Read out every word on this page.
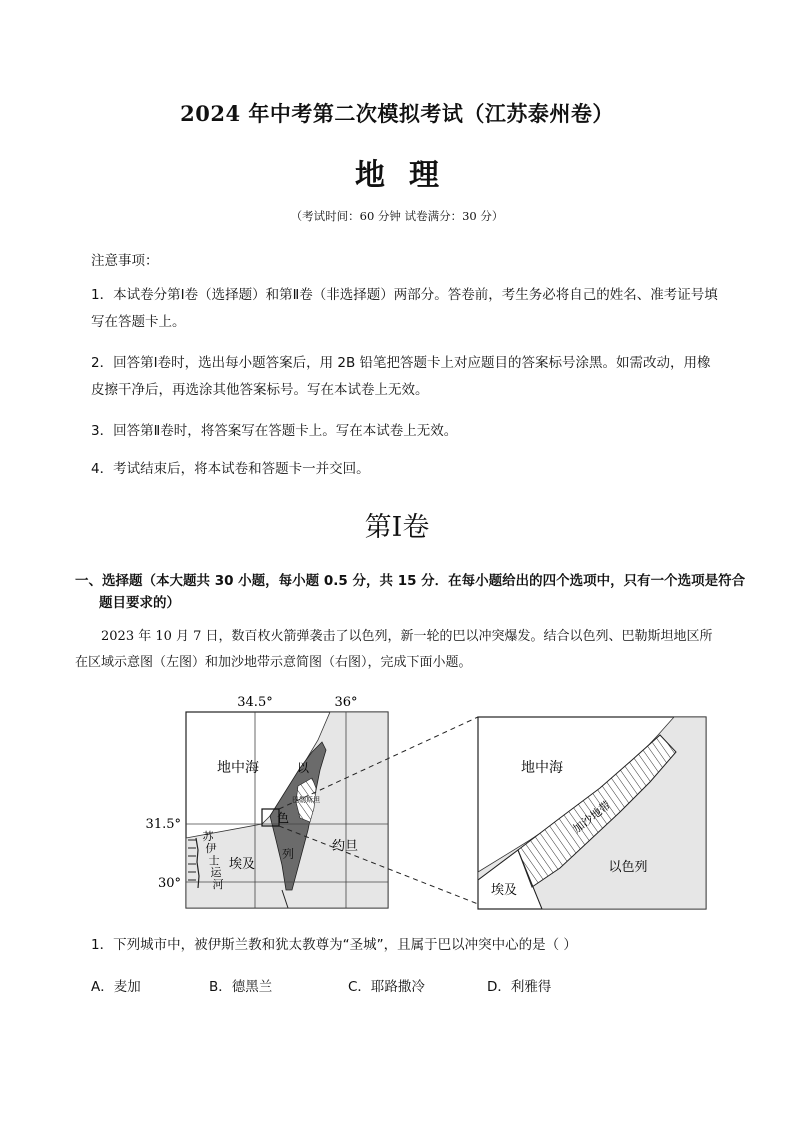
2024 年中考第二次模拟考试（江苏泰州卷）
地理
（考试时间：60 分钟 试卷满分：30 分）
注意事项：
1．本试卷分第Ⅰ卷（选择题）和第Ⅱ卷（非选择题）两部分。答卷前，考生务必将自己的姓名、准考证号填写在答题卡上。
2．回答第Ⅰ卷时，选出每小题答案后，用 2B 铅笔把答题卡上对应题目的答案标号涂黑。如需改动，用橡皮擦干净后，再选涂其他答案标号。写在本试卷上无效。
3．回答第Ⅱ卷时，将答案写在答题卡上。写在本试卷上无效。
4．考试结束后，将本试卷和答题卡一并交回。
第Ⅰ卷
一、选择题（本大题共 30 小题，每小题 0.5 分，共 15 分．在每小题给出的四个选项中，只有一个选项是符合题目要求的）
2023 年 10 月 7 日，数百枚火箭弹袭击了以色列，新一轮的巴以冲突爆发。结合以色列、巴勒斯坦地区所在区域示意图（左图）和加沙地带示意简图（右图），完成下面小题。
34.5°	36°
31.5°
30°
地中海
埃及
约旦
以
色
列
巴勒斯坦
苏
伊
士
运
河
地中海
加沙地带
以色列
埃及
1．下列城市中，被伊斯兰教和犹太教尊为“圣城”，且属于巴以冲突中心的是（ ）
A．麦加	B．德黑兰	C．耶路撒冷	D．利雅得
